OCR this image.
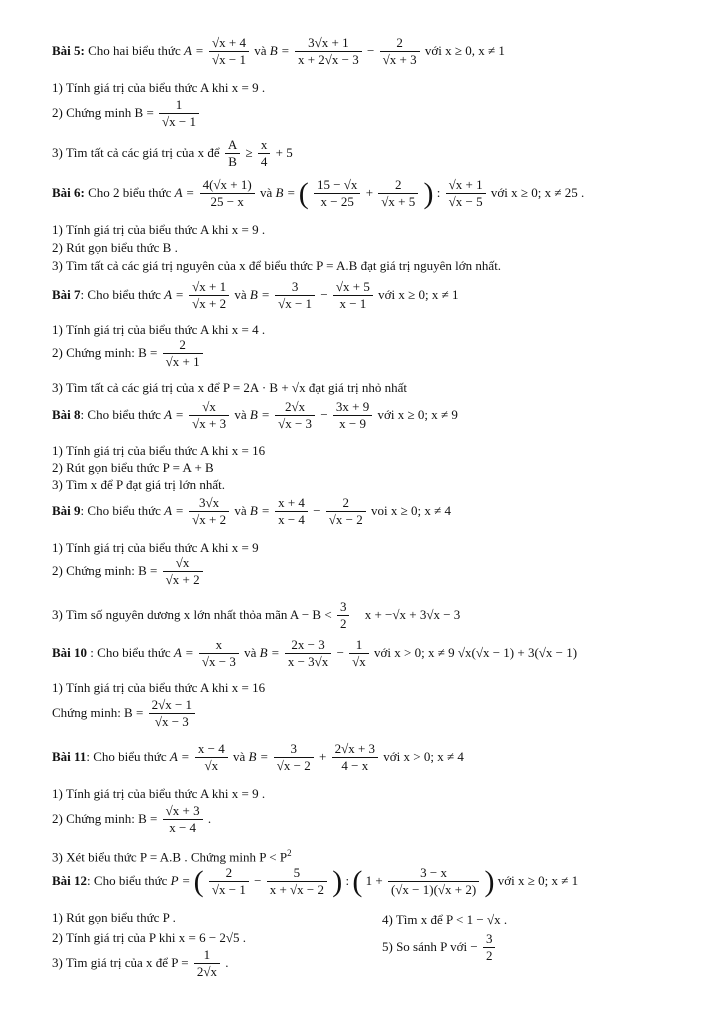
Bài 5: Cho hai biểu thức $A = \frac{√x + 4}{√x - 1}$ và $B = \frac{3√x + 1}{x + 2√x - 3} - \frac{2}{√x + 3}$ với x ≥ 0, x ≠ 1
1) Tính giá trị của biểu thức A khi x = 9 .
2) Chứng minh $B = \frac{1}{√x - 1}$
3) Tìm tất cả các giá trị của x để $\frac{A}{B} \ge \frac{x}{4} + 5$
Bài 6: Cho 2 biểu thức $A = \frac{4(√x + 1)}{25 - x}$ và B = ( $\frac{15 - √x}{x - 25} + \frac{2}{√x + 5}$ ) : $\frac{√x + 1}{√x - 5}$ với x ≥ 0; x ≠ 25 .
1) Tính giá trị của biểu thức A khi x = 9 .
2) Rút gọn biểu thức B .
3) Tìm tất cả các giá trị nguyên của x để biểu thức P = A.B đạt giá trị nguyên lớn nhất.
Bài 7: Cho biểu thức $A = \frac{√x + 1}{√x + 2}$ và $B = \frac{3}{√x - 1} - \frac{√x + 5}{x - 1}$ với x ≥ 0; x ≠ 1
1) Tính giá trị của biểu thức A khi x = 4 .
2) Chứng minh: $B = \frac{2}{√x + 1}$
3) Tìm tất cả các giá trị của x để P = 2A · B + √x đạt giá trị nhỏ nhất
Bài 8: Cho biểu thức $A = \frac{√x}{√x + 3}$ và $B = \frac{2√x}{√x - 3} - \frac{3x + 9}{x - 9}$ với x ≥ 0; x ≠ 9
1) Tính giá trị của biểu thức A khi x = 16
2) Rút gọn biểu thức P = A + B
3) Tìm x để P đạt giá trị lớn nhất.
Bài 9: Cho biểu thức $A = \frac{3√x}{√x + 2}$ và $B = \frac{x + 4}{x - 4} - \frac{2}{√x - 2}$ voi x ≥ 0; x ≠ 4
1) Tính giá trị của biểu thức A khi x = 9
2) Chứng minh: $B = \frac{√x}{√x + 2}$
3) Tìm số nguyên dương x lớn nhất thỏa mãn $A - B < \frac{3}{2}$ x + −√x + 3√x − 3
Bài 10 : Cho biểu thức $A = \frac{x}{√x - 3}$ và $B = \frac{2x - 3}{x - 3√x} - \frac{1}{√x}$ với x > 0; x ≠ 9 √x(√x − 1) + 3(√x − 1)
1) Tính giá trị của biểu thức A khi x = 16
Chứng minh: $B = \frac{2√x - 1}{√x - 3}$
Bài 11: Cho biểu thức $A = \frac{x - 4}{√x}$ và $B = \frac{3}{√x - 2} + \frac{2√x + 3}{4 - x}$ với x > 0; x ≠ 4
1) Tính giá trị của biểu thức A khi x = 9 .
2) Chứng minh: $B = \frac{√x + 3}{x - 4}$ .
3) Xét biểu thức P = A.B . Chứng minh $P < P^2$
Bài 12: Cho biểu thức P = ( $\frac{2}{√x - 1} - \frac{5}{x + √x - 2}$ ) : ( $1 + \frac{3 - x}{(√x - 1)(√x + 2)}$ ) với x ≥ 0; x ≠ 1
1) Rút gọn biểu thức P .	4) Tìm x để P < 1 − √x .
2) Tính giá trị của P khi x = 6 − 2√5 .
5) So sánh P với − $\frac{3}{2}$
3) Tìm giá trị của x để $P = \frac{1}{2√x}$ .
